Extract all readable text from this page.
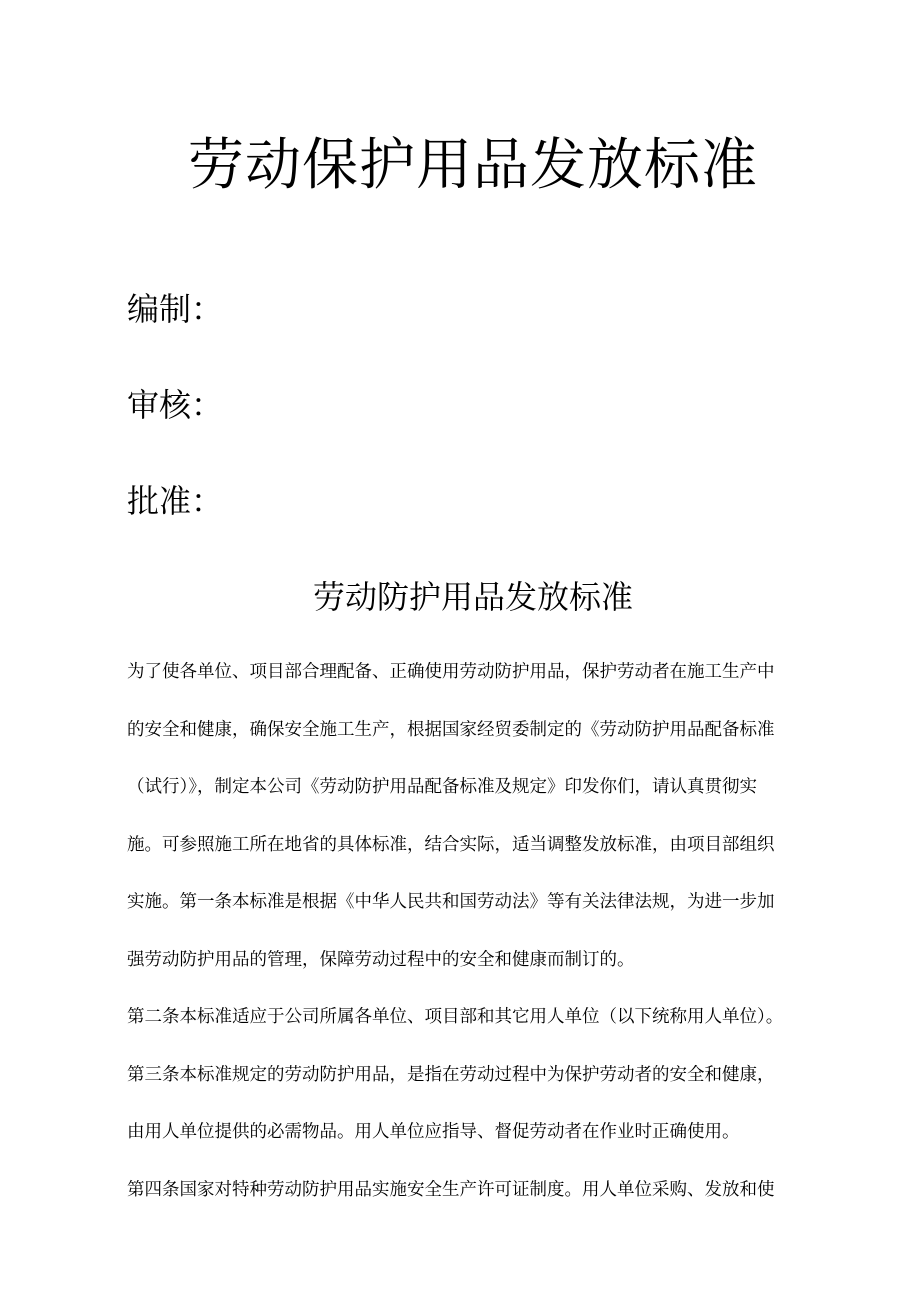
劳动保护用品发放标准

编制：

审核：

批准：

劳动防护用品发放标准
为了使各单位、项目部合理配备、正确使用劳动防护用品，保护劳动者在施工生产中
的安全和健康，确保安全施工生产，根据国家经贸委制定的《劳动防护用品配备标准
（试行）》，制定本公司《劳动防护用品配备标准及规定》印发你们，请认真贯彻实
施。可参照施工所在地省的具体标准，结合实际，适当调整发放标准，由项目部组织
实施。第一条本标准是根据《中华人民共和国劳动法》等有关法律法规，为进一步加
强劳动防护用品的管理，保障劳动过程中的安全和健康而制订的。
第二条本标准适应于公司所属各单位、项目部和其它用人单位（以下统称用人单位）。
第三条本标准规定的劳动防护用品，是指在劳动过程中为保护劳动者的安全和健康，
由用人单位提供的必需物品。用人单位应指导、督促劳动者在作业时正确使用。
第四条国家对特种劳动防护用品实施安全生产许可证制度。用人单位采购、发放和使
